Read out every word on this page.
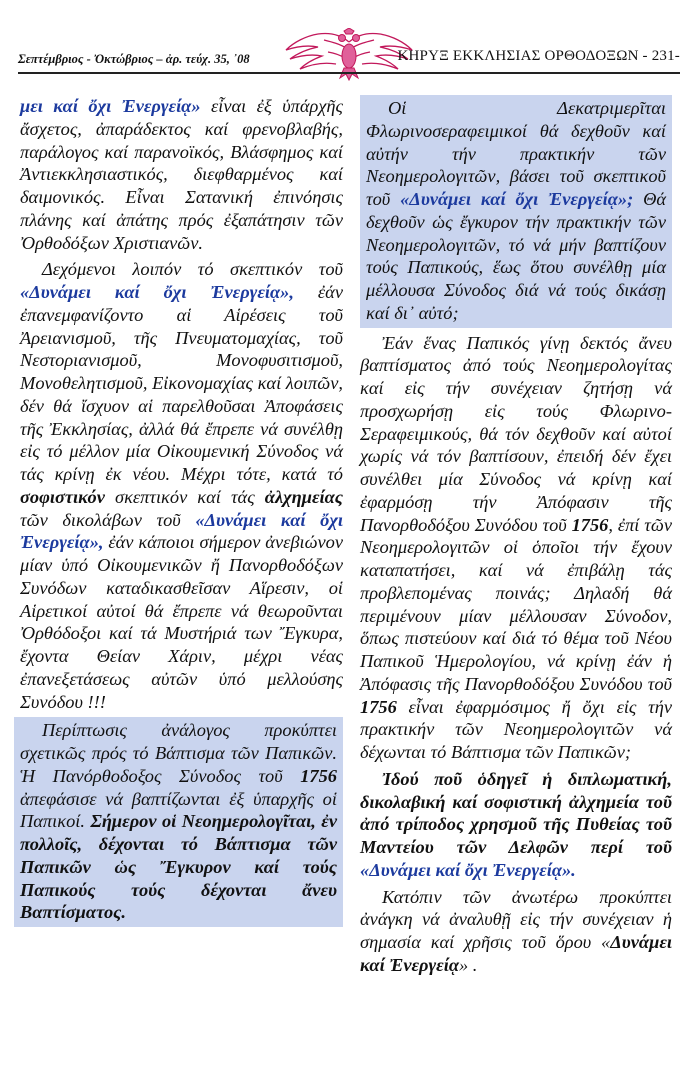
Σεπτέμβριος - Ὀκτώβριος – ἀρ. τεύχ. 35, ᾽08	ΚΗΡΥΞ ΕΚΚΛΗΣΙΑΣ ΟΡΘΟΔΟΞΩΝ - 231-

μει καί ὄχι Ἐνεργείᾳ» εἶναι ἐξ ὑπάρχῆς ἄσχετος, ἀπαράδεκτος καί φρενοβλαβής, παράλογος καί παρανοϊκός, Βλάσφημος καί Ἀντιεκκλησιαστικός, διεφθαρμένος καί δαιμονικός. Εἶναι Σατανική ἐπινόησις πλάνης καί ἀπάτης πρός ἐξαπάτησιν τῶν Ὀρθοδόξων Χριστιανῶν.

Δεχόμενοι λοιπόν τό σκεπτικόν τοῦ «Δυνάμει καί ὄχι Ἐνεργείᾳ», ἐάν ἐπανεμφανίζοντο αἱ Αἱρέσεις τοῦ Ἀρειανισμοῦ, τῆς Πνευματομαχίας, τοῦ Νεστοριανισμοῦ, Μονοφυσιτισμοῦ, Μονοθελητισμοῦ, Εἰκονομαχίας καί λοιπῶν, δέν θά ἴσχυον αἱ παρελθοῦσαι Ἀποφάσεις τῆς Ἐκκλησίας, ἀλλά θά ἔπρεπε νά συνέλθῃ εἰς τό μέλλον μία Οἰκουμενική Σύνοδος νά τάς κρίνῃ ἐκ νέου. Μέχρι τότε, κατά τό σοφιστικόν σκεπτικόν καί τάς ἀλχημείας τῶν δικολάβων τοῦ «Δυνάμει καί ὄχι Ἐνεργείᾳ», ἐάν κάποιοι σήμερον ἀνεβιώνον μίαν ὑπό Οἰκουμενικῶν ἤ Πανορθοδόξων Συνόδων καταδικασθεῖσαν Αἵρεσιν, οἱ Αἱρετικοί αὐτοί θά ἔπρεπε νά θεωροῦνται Ὀρθόδοξοι καί τά Μυστήριά των Ἔγκυρα, ἔχοντα Θείαν Χάριν, μέχρι νέας ἐπανεξετάσεως αὐτῶν ὑπό μελλούσης Συνόδου !!!

Περίπτωσις ἀνάλογος προκύπτει σχετικῶς πρός τό Βάπτισμα τῶν Παπικῶν. Ἡ Πανόρθοδοξος Σύνοδος τοῦ 1756 ἀπεφάσισε νά βαπτίζωνται ἐξ ὑπαρχῆς οἱ Παπικοί. Σήμερον οἱ Νεοημερολογῖται, ἐν πολλοῖς, δέχονται τό Βάπτισμα τῶν Παπικῶν ὡς Ἔγκυρον καί τούς Παπικούς τούς δέχονται ἄνευ Βαπτίσματος.

Οἱ Δεκατριμερῖται Φλωρινοσεραφειμικοί θά δεχθοῦν καί αὐτήν τήν πρακτικήν τῶν Νεοημερολογιτῶν, βάσει τοῦ σκεπτικοῦ τοῦ «Δυνάμει καί ὄχι Ἐνεργείᾳ»; Θά δεχθοῦν ὡς ἔγκυρον τήν πρακτικήν τῶν Νεοημερολογιτῶν, τό νά μήν βαπτίζουν τούς Παπικούς, ἕως ὅτου συνέλθῃ μία μέλλουσα Σύνοδος διά νά τούς δικάσῃ καί δι᾽ αὐτό;

Ἐάν ἕνας Παπικός γίνῃ δεκτός ἄνευ βαπτίσματος ἀπό τούς Νεοημερολογίτας καί εἰς τήν συνέχειαν ζητήσῃ νά προσχωρήσῃ εἰς τούς Φλωρινο-Σεραφειμικούς, θά τόν δεχθοῦν καί αὐτοί χωρίς νά τόν βαπτίσουν, ἐπειδή δέν ἔχει συνέλθει μία Σύνοδος νά κρίνῃ καί ἐφαρμόσῃ τήν Ἀπόφασιν τῆς Πανορθοδόξου Συνόδου τοῦ 1756, ἐπί τῶν Νεοημερολογιτῶν οἱ ὁποῖοι τήν ἔχουν καταπατήσει, καί νά ἐπιβάλῃ τάς προβλεπομένας ποινάς; Δηλαδή θά περιμένουν μίαν μέλλουσαν Σύνοδον, ὅπως πιστεύουν καί διά τό θέμα τοῦ Νέου Παπικοῦ Ἡμερολογίου, νά κρίνῃ ἐάν ἡ Ἀπόφασις τῆς Πανορθοδόξου Συνόδου τοῦ 1756 εἶναι ἐφαρμόσιμος ἤ ὄχι εἰς τήν πρακτικήν τῶν Νεοημερολογιτῶν νά δέχωνται τό Βάπτισμα τῶν Παπικῶν;

Ἰδού ποῦ ὁδηγεῖ ἡ διπλωματική, δικολαβική καί σοφιστική ἀλχημεία τοῦ ἀπό τρίποδος χρησμοῦ τῆς Πυθείας τοῦ Μαντείου τῶν Δελφῶν περί τοῦ «Δυνάμει καί ὄχι Ἐνεργείᾳ».

Κατόπιν τῶν ἀνωτέρω προκύπτει ἀνάγκη νά ἀναλυθῇ εἰς τήν συνέχειαν ἡ σημασία καί χρῆσις τοῦ ὅρου «Δυνάμει καί Ἐνεργείᾳ» .
